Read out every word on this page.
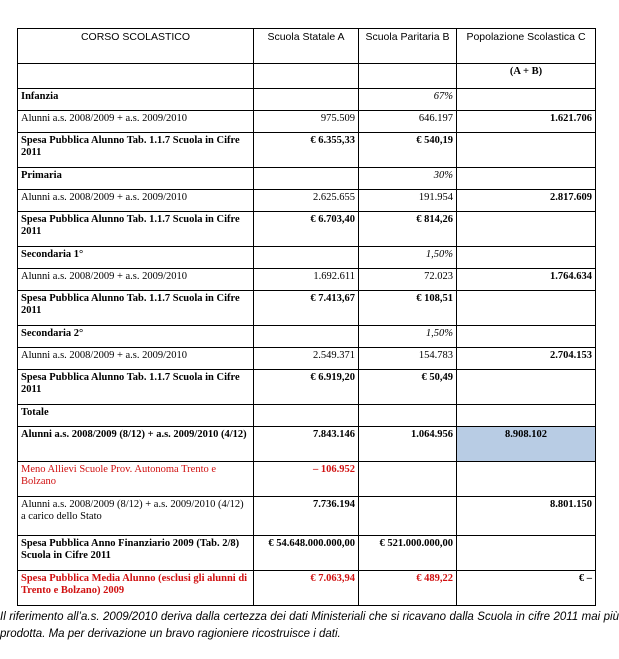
CORSO SCOLASTICO	Scuola Statale A	Scuola Paritaria B	Popolazione Scolastica C
			(A + B)
Infanzia		67%	
Alunni a.s. 2008/2009 + a.s. 2009/2010	975.509	646.197	1.621.706
Spesa Pubblica Alunno Tab. 1.1.7 Scuola in Cifre 2011	€ 6.355,33	€ 540,19	
Primaria		30%	
Alunni a.s. 2008/2009 + a.s. 2009/2010	2.625.655	191.954	2.817.609
Spesa Pubblica Alunno Tab. 1.1.7 Scuola in Cifre 2011	€ 6.703,40	€ 814,26	
Secondaria 1°		1,50%	
Alunni a.s. 2008/2009 + a.s. 2009/2010	1.692.611	72.023	1.764.634
Spesa Pubblica Alunno Tab. 1.1.7 Scuola in Cifre 2011	€ 7.413,67	€ 108,51	
Secondaria 2°		1,50%	
Alunni a.s. 2008/2009 + a.s. 2009/2010	2.549.371	154.783	2.704.153
Spesa Pubblica Alunno Tab. 1.1.7 Scuola in Cifre 2011	€ 6.919,20	€ 50,49	
Totale			
Alunni a.s. 2008/2009 (8/12) + a.s. 2009/2010 (4/12)	7.843.146	1.064.956	8.908.102
Meno Allievi Scuole Prov. Autonoma Trento e Bolzano	– 106.952		
Alunni a.s. 2008/2009 (8/12) + a.s. 2009/2010 (4/12) a carico dello Stato	7.736.194		8.801.150
Spesa Pubblica Anno Finanziario 2009 (Tab. 2/8) Scuola in Cifre 2011	€ 54.648.000.000,00	€ 521.000.000,00	
Spesa Pubblica Media Alunno (esclusi gli alunni di Trento e Bolzano) 2009	€ 7.063,94	€ 489,22	€ –
Il riferimento all’a.s. 2009/2010 deriva dalla certezza dei dati Ministeriali che si ricavano dalla Scuola in cifre 2011 mai più prodotta. Ma per derivazione un bravo ragioniere ricostruisce i dati.
